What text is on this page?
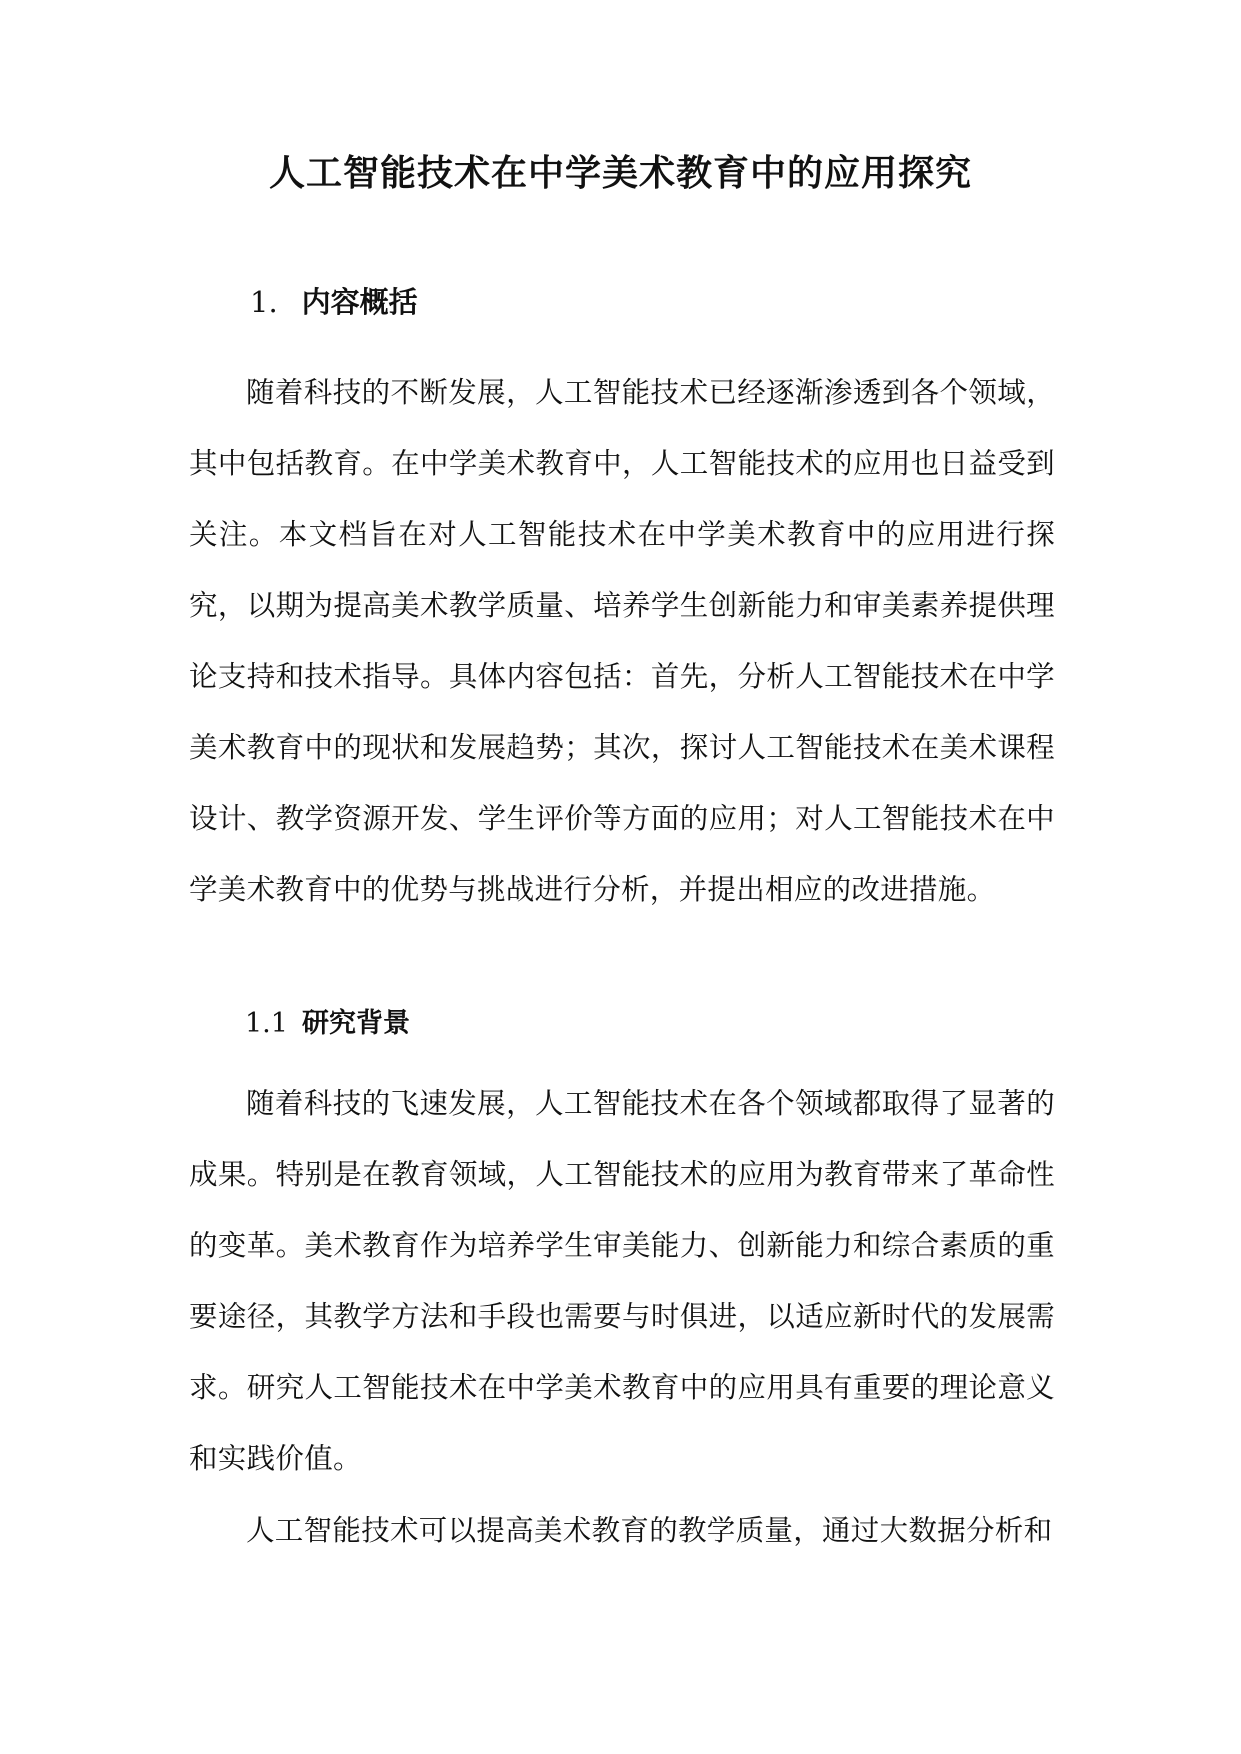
人工智能技术在中学美术教育中的应用探究
1. 内容概括

随着科技的不断发展，人工智能技术已经逐渐渗透到各个领域，其中包括教育。在中学美术教育中，人工智能技术的应用也日益受到关注。本文档旨在对人工智能技术在中学美术教育中的应用进行探究，以期为提高美术教学质量、培养学生创新能力和审美素养提供理论支持和技术指导。具体内容包括：首先，分析人工智能技术在中学美术教育中的现状和发展趋势；其次，探讨人工智能技术在美术课程设计、教学资源开发、学生评价等方面的应用；对人工智能技术在中学美术教育中的优势与挑战进行分析，并提出相应的改进措施。

1.1 研究背景

随着科技的飞速发展，人工智能技术在各个领域都取得了显著的成果。特别是在教育领域，人工智能技术的应用为教育带来了革命性的变革。美术教育作为培养学生审美能力、创新能力和综合素质的重要途径，其教学方法和手段也需要与时俱进，以适应新时代的发展需求。研究人工智能技术在中学美术教育中的应用具有重要的理论意义和实践价值。

人工智能技术可以提高美术教育的教学质量，通过大数据分析和
